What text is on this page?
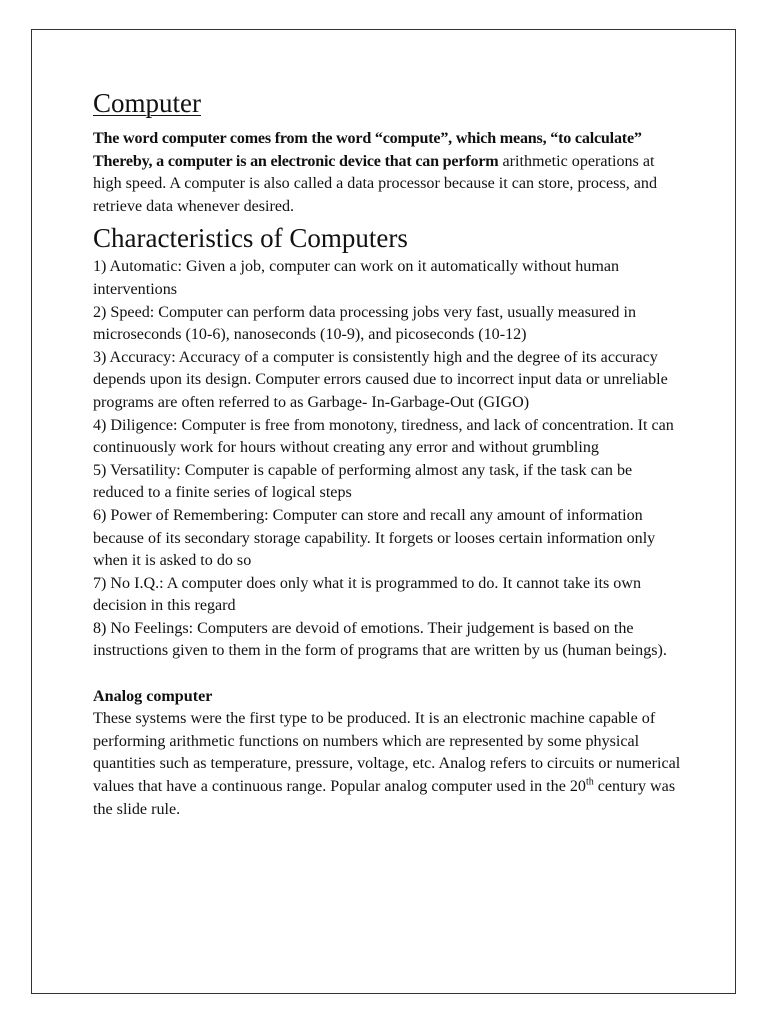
Computer

The word computer comes from the word “compute”, which means, “to calculate” Thereby, a computer is an electronic device that can perform arithmetic operations at high speed. A computer is also called a data processor because it can store, process, and retrieve data whenever desired.

Characteristics of Computers

1) Automatic: Given a job, computer can work on it automatically without human interventions

2) Speed: Computer can perform data processing jobs very fast, usually measured in microseconds (10-6), nanoseconds (10-9), and picoseconds (10-12)

3) Accuracy: Accuracy of a computer is consistently high and the degree of its accuracy depends upon its design. Computer errors caused due to incorrect input data or unreliable programs are often referred to as Garbage- In-Garbage-Out (GIGO)

4) Diligence: Computer is free from monotony, tiredness, and lack of concentration. It can continuously work for hours without creating any error and without grumbling

5) Versatility: Computer is capable of performing almost any task, if the task can be reduced to a finite series of logical steps

6) Power of Remembering: Computer can store and recall any amount of information because of its secondary storage capability. It forgets or looses certain information only when it is asked to do so

7) No I.Q.: A computer does only what it is programmed to do. It cannot take its own decision in this regard

8) No Feelings: Computers are devoid of emotions. Their judgement is based on the instructions given to them in the form of programs that are written by us (human beings).

Analog computer

These systems were the first type to be produced. It is an electronic machine capable of performing arithmetic functions on numbers which are represented by some physical quantities such as temperature, pressure, voltage, etc. Analog refers to circuits or numerical values that have a continuous range. Popular analog computer used in the 20th century was the slide rule.
